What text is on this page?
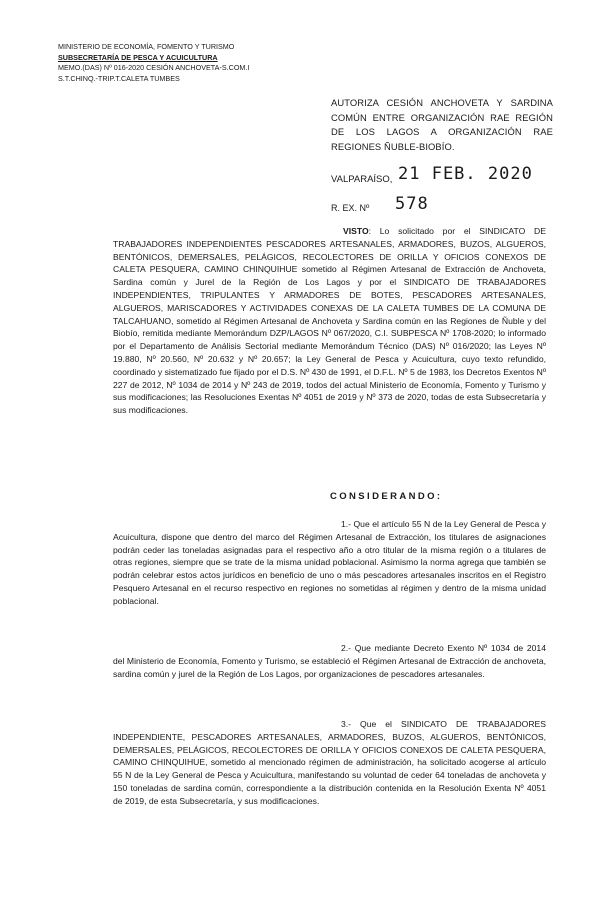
MINISTERIO DE ECONOMÍA, FOMENTO Y TURISMO
SUBSECRETARÍA DE PESCA Y ACUICULTURA
MEMO.(DAS) Nº 016-2020 CESIÓN ANCHOVETA-S.COM.I
S.T.CHINQ.-TRIP.T.CALETA TUMBES
AUTORIZA CESIÓN ANCHOVETA Y SARDINA COMÚN ENTRE ORGANIZACIÓN RAE REGIÓN DE LOS LAGOS A ORGANIZACIÓN RAE REGIONES ÑUBLE-BIOBÍO.
VALPARAÍSO, 21 FEB. 2020
R. EX. Nº 578
VISTO: Lo solicitado por el SINDICATO DE TRABAJADORES INDEPENDIENTES PESCADORES ARTESANALES, ARMADORES, BUZOS, ALGUEROS, BENTÓNICOS, DEMERSALES, PELÁGICOS, RECOLECTORES DE ORILLA Y OFICIOS CONEXOS DE CALETA PESQUERA, CAMINO CHINQUIHUE sometido al Régimen Artesanal de Extracción de Anchoveta, Sardina común y Jurel de la Región de Los Lagos y por el SINDICATO DE TRABAJADORES INDEPENDIENTES, TRIPULANTES Y ARMADORES DE BOTES, PESCADORES ARTESANALES, ALGUEROS, MARISCADORES Y ACTIVIDADES CONEXAS DE LA CALETA TUMBES DE LA COMUNA DE TALCAHUANO, sometido al Régimen Artesanal de Anchoveta y Sardina común en las Regiones de Ñuble y del Biobío, remitida mediante Memorándum DZP/LAGOS Nº 067/2020, C.I. SUBPESCA Nº 1708-2020; lo informado por el Departamento de Análisis Sectorial mediante Memorándum Técnico (DAS) Nº 016/2020; las Leyes Nº 19.880, Nº 20.560, Nº 20.632 y Nº 20.657; la Ley General de Pesca y Acuicultura, cuyo texto refundido, coordinado y sistematizado fue fijado por el D.S. Nº 430 de 1991, el D.F.L. Nº 5 de 1983, los Decretos Exentos Nº 227 de 2012, Nº 1034 de 2014 y Nº 243 de 2019, todos del actual Ministerio de Economía, Fomento y Turismo y sus modificaciones; las Resoluciones Exentas Nº 4051 de 2019 y Nº 373 de 2020, todas de esta Subsecretaría y sus modificaciones.
CONSIDERANDO:
1.- Que el artículo 55 N de la Ley General de Pesca y Acuicultura, dispone que dentro del marco del Régimen Artesanal de Extracción, los titulares de asignaciones podrán ceder las toneladas asignadas para el respectivo año a otro titular de la misma región o a titulares de otras regiones, siempre que se trate de la misma unidad poblacional. Asimismo la norma agrega que también se podrán celebrar estos actos jurídicos en beneficio de uno o más pescadores artesanales inscritos en el Registro Pesquero Artesanal en el recurso respectivo en regiones no sometidas al régimen y dentro de la misma unidad poblacional.
2.- Que mediante Decreto Exento Nº 1034 de 2014 del Ministerio de Economía, Fomento y Turismo, se estableció el Régimen Artesanal de Extracción de anchoveta, sardina común y jurel de la Región de Los Lagos, por organizaciones de pescadores artesanales.
3.- Que el SINDICATO DE TRABAJADORES INDEPENDIENTE, PESCADORES ARTESANALES, ARMADORES, BUZOS, ALGUEROS, BENTÓNICOS, DEMERSALES, PELÁGICOS, RECOLECTORES DE ORILLA Y OFICIOS CONEXOS DE CALETA PESQUERA, CAMINO CHINQUIHUE, sometido al mencionado régimen de administración, ha solicitado acogerse al artículo 55 N de la Ley General de Pesca y Acuicultura, manifestando su voluntad de ceder 64 toneladas de anchoveta y 150 toneladas de sardina común, correspondiente a la distribución contenida en la Resolución Exenta Nº 4051 de 2019, de esta Subsecretaría, y sus modificaciones.
